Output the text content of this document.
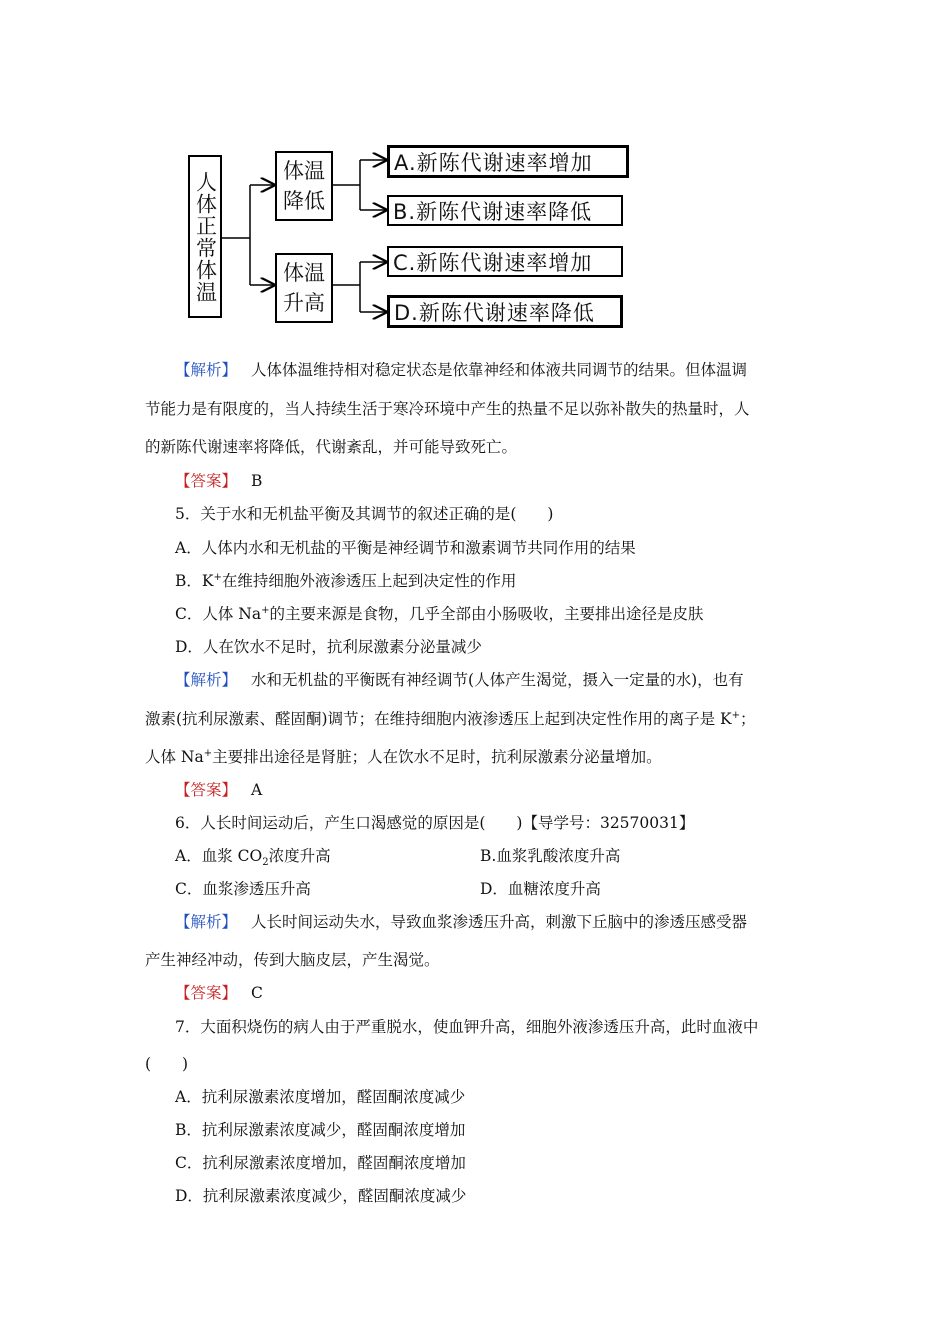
人体正常体温	体温
降低
体温
升高
A.新陈代谢速率增加
B.新陈代谢速率降低
C.新陈代谢速率增加
D.新陈代谢速率降低
【解析】 人体体温维持相对稳定状态是依靠神经和体液共同调节的结果。但体温调
节能力是有限度的，当人持续生活于寒冷环境中产生的热量不足以弥补散失的热量时，人
的新陈代谢速率将降低，代谢紊乱，并可能导致死亡。
【答案】 B
5．关于水和无机盐平衡及其调节的叙述正确的是(　　)
A．人体内水和无机盐的平衡是神经调节和激素调节共同作用的结果
B．K+在维持细胞外液渗透压上起到决定性的作用
C．人体 Na+的主要来源是食物，几乎全部由小肠吸收，主要排出途径是皮肤
D．人在饮水不足时，抗利尿激素分泌量减少
【解析】 水和无机盐的平衡既有神经调节(人体产生渴觉，摄入一定量的水)，也有
激素(抗利尿激素、醛固酮)调节；在维持细胞内液渗透压上起到决定性作用的离子是 K+；
人体 Na+主要排出途径是肾脏；人在饮水不足时，抗利尿激素分泌量增加。
【答案】 A
6．人长时间运动后，产生口渴感觉的原因是(　　)【导学号：32570031】
A．血浆 $CO_2$浓度升高	B.血浆乳酸浓度升高
C．血浆渗透压升高	D．血糖浓度升高
【解析】 人长时间运动失水，导致血浆渗透压升高，刺激下丘脑中的渗透压感受器
产生神经冲动，传到大脑皮层，产生渴觉。
【答案】 C
7．大面积烧伤的病人由于严重脱水，使血钾升高，细胞外液渗透压升高，此时血液中
(　　)
A．抗利尿激素浓度增加，醛固酮浓度减少
B．抗利尿激素浓度减少，醛固酮浓度增加
C．抗利尿激素浓度增加，醛固酮浓度增加
D．抗利尿激素浓度减少，醛固酮浓度减少
